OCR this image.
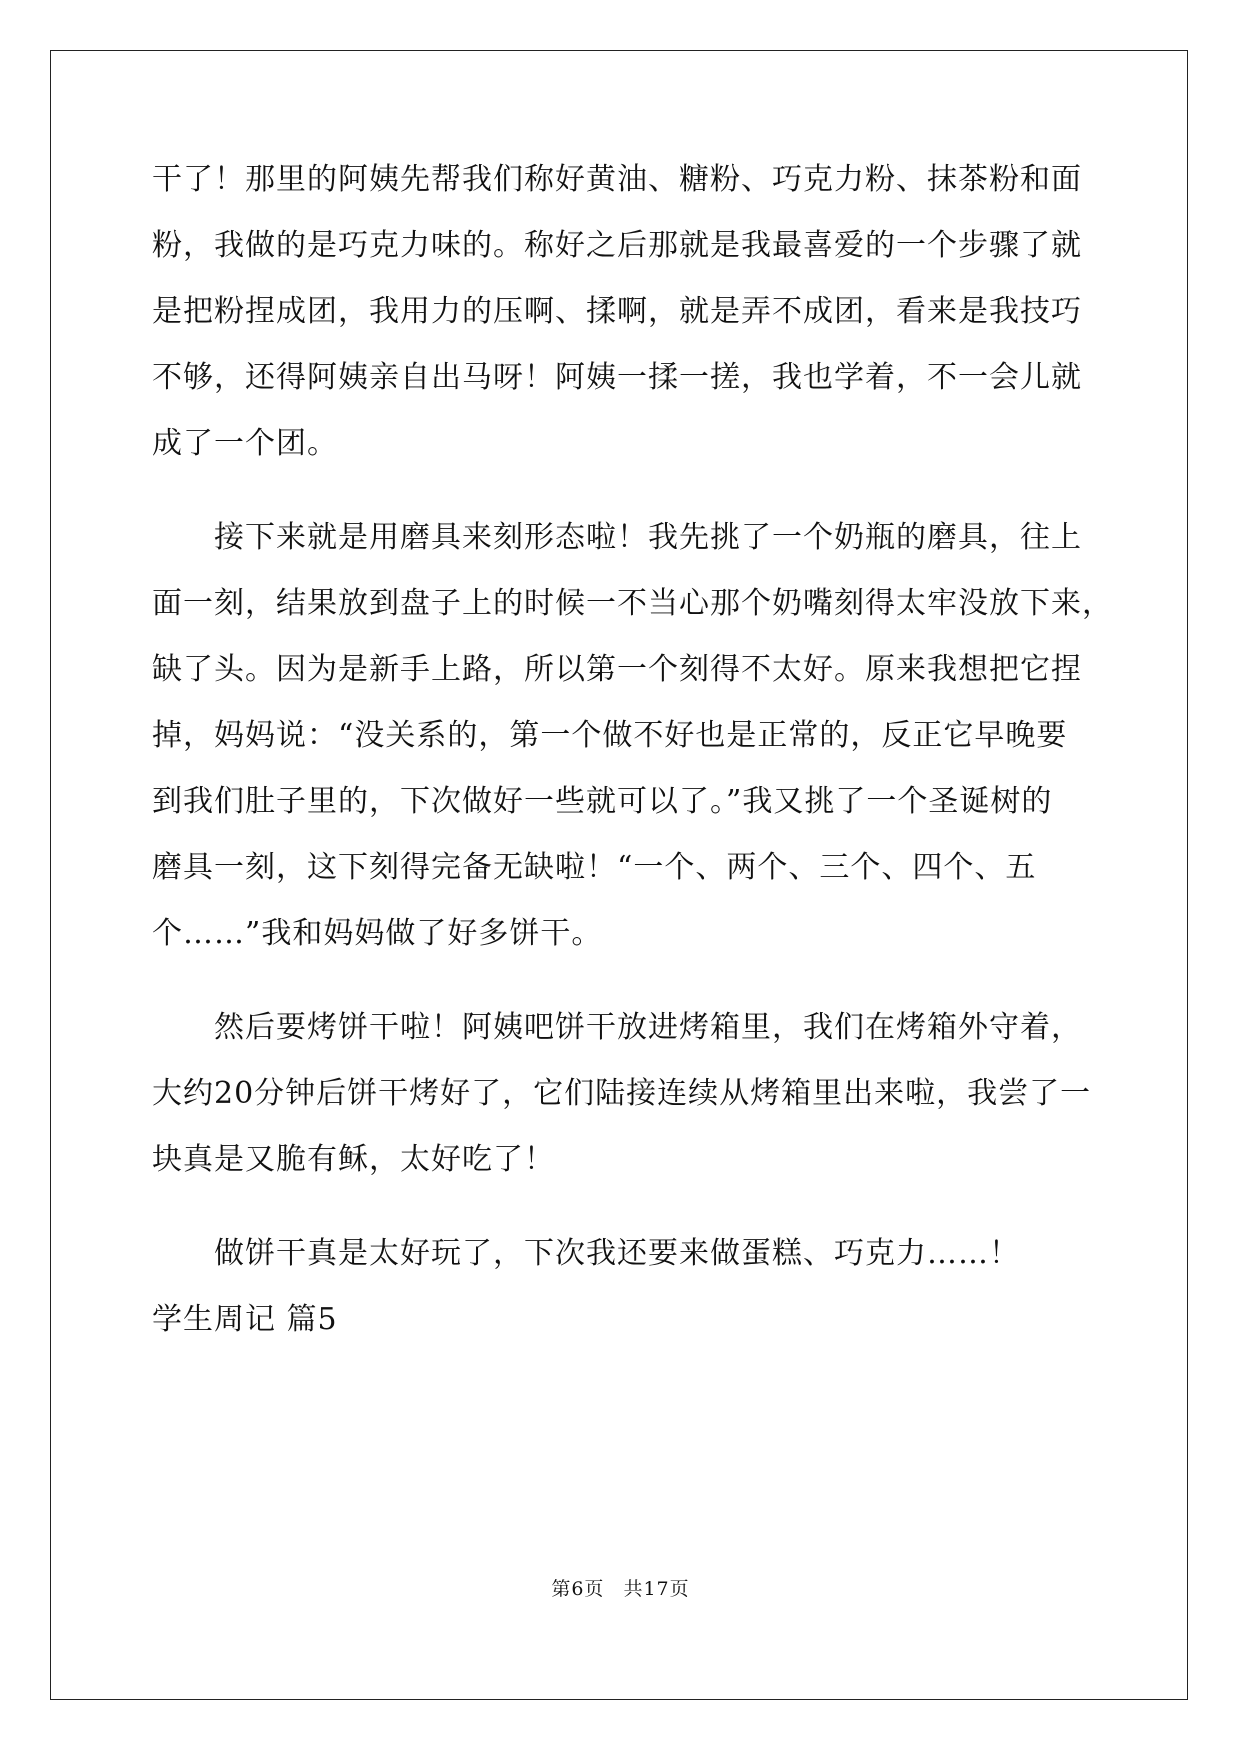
干了！那里的阿姨先帮我们称好黄油、糖粉、巧克力粉、抹茶粉和面
粉，我做的是巧克力味的。称好之后那就是我最喜爱的一个步骤了就
是把粉捏成团，我用力的压啊、揉啊，就是弄不成团，看来是我技巧
不够，还得阿姨亲自出马呀！阿姨一揉一搓，我也学着，不一会儿就
成了一个团。
　　接下来就是用磨具来刻形态啦！我先挑了一个奶瓶的磨具，往上
面一刻，结果放到盘子上的时候一不当心那个奶嘴刻得太牢没放下来，
缺了头。因为是新手上路，所以第一个刻得不太好。原来我想把它捏
掉，妈妈说：“没关系的，第一个做不好也是正常的，反正它早晚要
到我们肚子里的，下次做好一些就可以了。”我又挑了一个圣诞树的
磨具一刻，这下刻得完备无缺啦！“一个、两个、三个、四个、五
个……”我和妈妈做了好多饼干。
　　然后要烤饼干啦！阿姨吧饼干放进烤箱里，我们在烤箱外守着，
大约20分钟后饼干烤好了，它们陆接连续从烤箱里出来啦，我尝了一
块真是又脆有稣，太好吃了！
　　做饼干真是太好玩了，下次我还要来做蛋糕、巧克力……！
学生周记 篇5
第6页 共17页
